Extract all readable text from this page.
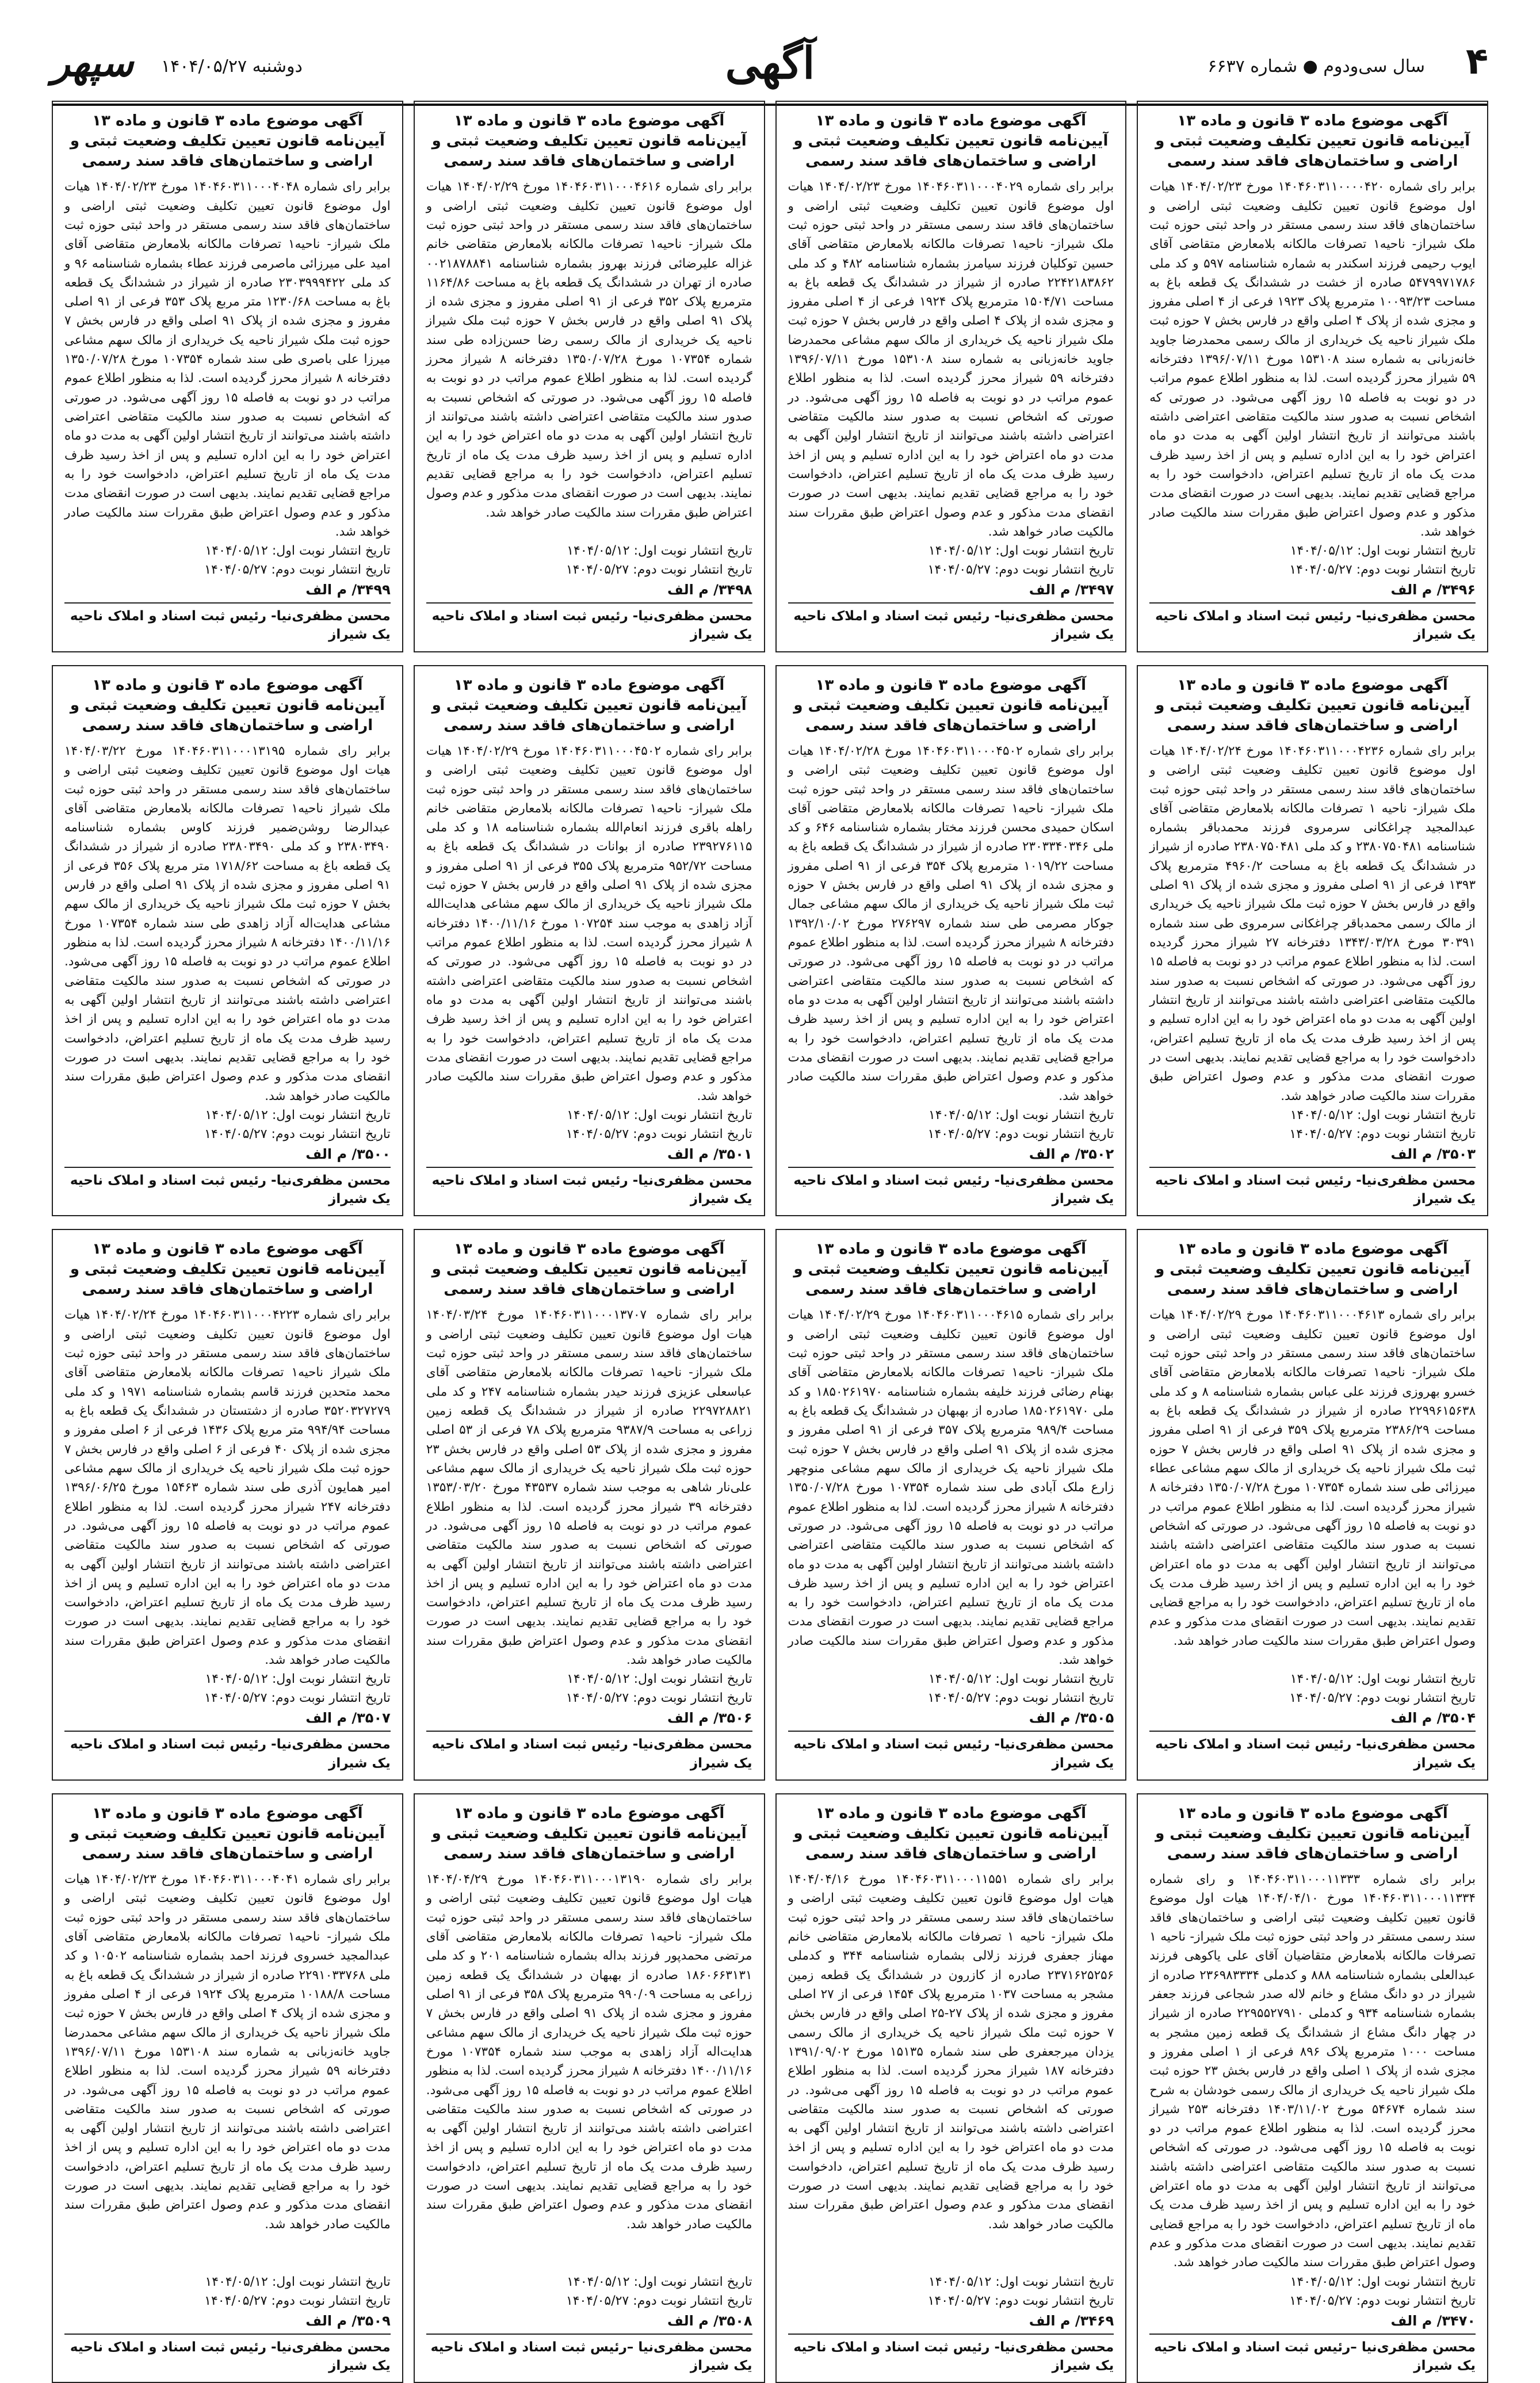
۴
سال سی‌ودوم ● شماره ۶۶۳۷
آگهی
دوشنبه ۱۴۰۴/۰۵/۲۷
سپهر
آگهی موضوع ماده ۳ قانون و ماده ۱۳ آیین‌نامه قانون تعیین تکلیف وضعیت ثبتی و اراضی و ساختمان‌های فاقد سند رسمی
برابر رای شماره ۱۴۰۴۶۰۳۱۱۰۰۰۰۴۲۰ مورخ ۱۴۰۴/۰۲/۲۳ هیات اول موضوع قانون تعیین تکلیف وضعیت ثبتی اراضی و ساختمان‌های فاقد سند رسمی مستقر در واحد ثبتی حوزه ثبت ملک شیراز- ناحیه۱ تصرفات مالکانه بلامعارض متقاضی آقای ایوب رحیمی فرزند اسکندر به شماره شناسنامه ۵۹۷ و کد ملی ۵۴۷۹۹۷۱۷۸۶ صادره از خشت در ششدانگ یک قطعه باغ به مساحت ۱۰۰۹۳/۲۳ مترمربع پلاک ۱۹۲۳ فرعی از ۴ اصلی مفروز و مجزی شده از پلاک ۴ اصلی واقع در فارس بخش ۷ حوزه ثبت ملک شیراز ناحیه یک خریداری از مالک رسمی محمدرضا جاوید خانه‌زبانی به شماره سند ۱۵۳۱۰۸ مورخ ۱۳۹۶/۰۷/۱۱ دفترخانه ۵۹ شیراز محرز گردیده است. لذا به منظور اطلاع عموم مراتب در دو نوبت به فاصله ۱۵ روز آگهی می‌شود. در صورتی که اشخاص نسبت به صدور سند مالکیت متقاضی اعتراضی داشته باشند می‌توانند از تاریخ انتشار اولین آگهی به مدت دو ماه اعتراض خود را به این اداره تسلیم و پس از اخذ رسید ظرف مدت یک ماه از تاریخ تسلیم اعتراض، دادخواست خود را به مراجع قضایی تقدیم نمایند. بدیهی است در صورت انقضای مدت مذکور و عدم وصول اعتراض طبق مقررات سند مالکیت صادر خواهد شد.
تاریخ انتشار نوبت اول: ۱۴۰۴/۰۵/۱۲
تاریخ انتشار نوبت دوم: ۱۴۰۴/۰۵/۲۷
۳۴۹۶/ م الف
محسن مظفری‌نیا- رئیس ثبت اسناد و املاک ناحیه یک شیراز
آگهی موضوع ماده ۳ قانون و ماده ۱۳ آیین‌نامه قانون تعیین تکلیف وضعیت ثبتی و اراضی و ساختمان‌های فاقد سند رسمی
برابر رای شماره ۱۴۰۴۶۰۳۱۱۰۰۰۴۰۲۹ مورخ ۱۴۰۴/۰۲/۲۳ هیات اول موضوع قانون تعیین تکلیف وضعیت ثبتی اراضی و ساختمان‌های فاقد سند رسمی مستقر در واحد ثبتی حوزه ثبت ملک شیراز- ناحیه۱ تصرفات مالکانه بلامعارض متقاضی آقای حسین توکلیان فرزند سیامرز بشماره شناسنامه ۴۸۲ و کد ملی ۲۲۴۲۱۸۳۸۶۲ صادره از شیراز در ششدانگ یک قطعه باغ به مساحت ۱۵۰۴/۷۱ مترمربع پلاک ۱۹۲۴ فرعی از ۴ اصلی مفروز و مجزی شده از پلاک ۴ اصلی واقع در فارس بخش ۷ حوزه ثبت ملک شیراز ناحیه یک خریداری از مالک سهم مشاعی محمدرضا جاوید خانه‌زبانی به شماره سند ۱۵۳۱۰۸ مورخ ۱۳۹۶/۰۷/۱۱ دفترخانه ۵۹ شیراز محرز گردیده است. لذا به منظور اطلاع عموم مراتب در دو نوبت به فاصله ۱۵ روز آگهی می‌شود. در صورتی که اشخاص نسبت به صدور سند مالکیت متقاضی اعتراضی داشته باشند می‌توانند از تاریخ انتشار اولین آگهی به مدت دو ماه اعتراض خود را به این اداره تسلیم و پس از اخذ رسید ظرف مدت یک ماه از تاریخ تسلیم اعتراض، دادخواست خود را به مراجع قضایی تقدیم نمایند. بدیهی است در صورت انقضای مدت مذکور و عدم وصول اعتراض طبق مقررات سند مالکیت صادر خواهد شد.
تاریخ انتشار نوبت اول: ۱۴۰۴/۰۵/۱۲
تاریخ انتشار نوبت دوم: ۱۴۰۴/۰۵/۲۷
۳۴۹۷/ م الف
محسن مظفری‌نیا- رئیس ثبت اسناد و املاک ناحیه یک شیراز
آگهی موضوع ماده ۳ قانون و ماده ۱۳ آیین‌نامه قانون تعیین تکلیف وضعیت ثبتی و اراضی و ساختمان‌های فاقد سند رسمی
برابر رای شماره ۱۴۰۴۶۰۳۱۱۰۰۰۴۶۱۶ مورخ ۱۴۰۴/۰۲/۲۹ هیات اول موضوع قانون تعیین تکلیف وضعیت ثبتی اراضی و ساختمان‌های فاقد سند رسمی مستقر در واحد ثبتی حوزه ثبت ملک شیراز- ناحیه۱ تصرفات مالکانه بلامعارض متقاضی خانم غزاله علیرضائی فرزند بهروز بشماره شناسنامه ۰۰۲۱۸۷۸۸۴۱ صادره از تهران در ششدانگ یک قطعه باغ به مساحت ۱۱۶۴/۸۶ مترمربع پلاک ۳۵۲ فرعی از ۹۱ اصلی مفروز و مجزی شده از پلاک ۹۱ اصلی واقع در فارس بخش ۷ حوزه ثبت ملک شیراز ناحیه یک خریداری از مالک رسمی رضا حسن‌زاده طی سند شماره ۱۰۷۳۵۴ مورخ ۱۳۵۰/۰۷/۲۸ دفترخانه ۸ شیراز محرز گردیده است. لذا به منظور اطلاع عموم مراتب در دو نوبت به فاصله ۱۵ روز آگهی می‌شود. در صورتی که اشخاص نسبت به صدور سند مالکیت متقاضی اعتراضی داشته باشند می‌توانند از تاریخ انتشار اولین آگهی به مدت دو ماه اعتراض خود را به این اداره تسلیم و پس از اخذ رسید ظرف مدت یک ماه از تاریخ تسلیم اعتراض، دادخواست خود را به مراجع قضایی تقدیم نمایند. بدیهی است در صورت انقضای مدت مذکور و عدم وصول اعتراض طبق مقررات سند مالکیت صادر خواهد شد.
تاریخ انتشار نوبت اول: ۱۴۰۴/۰۵/۱۲
تاریخ انتشار نوبت دوم: ۱۴۰۴/۰۵/۲۷
۳۴۹۸/ م الف
محسن مظفری‌نیا- رئیس ثبت اسناد و املاک ناحیه یک شیراز
آگهی موضوع ماده ۳ قانون و ماده ۱۳ آیین‌نامه قانون تعیین تکلیف وضعیت ثبتی و اراضی و ساختمان‌های فاقد سند رسمی
برابر رای شماره ۱۴۰۴۶۰۳۱۱۰۰۰۴۰۴۸ مورخ ۱۴۰۴/۰۲/۲۳ هیات اول موضوع قانون تعیین تکلیف وضعیت ثبتی اراضی و ساختمان‌های فاقد سند رسمی مستقر در واحد ثبتی حوزه ثبت ملک شیراز- ناحیه۱ تصرفات مالکانه بلامعارض متقاضی آقای امید علی میرزائی ماصرمی فرزند عطاء بشماره شناسنامه ۹۶ و کد ملی ۲۳۰۳۹۹۹۴۲۲ صادره از شیراز در ششدانگ یک قطعه باغ به مساحت ۱۲۳۰/۶۸ متر مربع پلاک ۳۵۳ فرعی از ۹۱ اصلی مفروز و مجزی شده از پلاک ۹۱ اصلی واقع در فارس بخش ۷ حوزه ثبت ملک شیراز ناحیه یک خریداری از مالک سهم مشاعی میرزا علی باصری طی سند شماره ۱۰۷۳۵۴ مورخ ۱۳۵۰/۰۷/۲۸ دفترخانه ۸ شیراز محرز گردیده است. لذا به منظور اطلاع عموم مراتب در دو نوبت به فاصله ۱۵ روز آگهی می‌شود. در صورتی که اشخاص نسبت به صدور سند مالکیت متقاضی اعتراضی داشته باشند می‌توانند از تاریخ انتشار اولین آگهی به مدت دو ماه اعتراض خود را به این اداره تسلیم و پس از اخذ رسید ظرف مدت یک ماه از تاریخ تسلیم اعتراض، دادخواست خود را به مراجع قضایی تقدیم نمایند. بدیهی است در صورت انقضای مدت مذکور و عدم وصول اعتراض طبق مقررات سند مالکیت صادر خواهد شد.
تاریخ انتشار نوبت اول: ۱۴۰۴/۰۵/۱۲
تاریخ انتشار نوبت دوم: ۱۴۰۴/۰۵/۲۷
۳۴۹۹/ م الف
محسن مظفری‌نیا- رئیس ثبت اسناد و املاک ناحیه یک شیراز
آگهی موضوع ماده ۳ قانون و ماده ۱۳ آیین‌نامه قانون تعیین تکلیف وضعیت ثبتی و اراضی و ساختمان‌های فاقد سند رسمی
برابر رای شماره ۱۴۰۴۶۰۳۱۱۰۰۰۴۲۳۶ مورخ ۱۴۰۴/۰۲/۲۴ هیات اول موضوع قانون تعیین تکلیف وضعیت ثبتی اراضی و ساختمان‌های فاقد سند رسمی مستقر در واحد ثبتی حوزه ثبت ملک شیراز- ناحیه ۱ تصرفات مالکانه بلامعارض متقاضی آقای عبدالمجید چراغکانی سرمروی فرزند محمدباقر بشماره شناسنامه ۲۳۸۰۷۵۰۴۸۱ و کد ملی ۲۳۸۰۷۵۰۴۸۱ صادره از شیراز در ششدانگ یک قطعه باغ به مساحت ۴۹۶۰/۲ مترمربع پلاک ۱۳۹۳ فرعی از ۹۱ اصلی مفروز و مجزی شده از پلاک ۹۱ اصلی واقع در فارس بخش ۷ حوزه ثبت ملک شیراز ناحیه یک خریداری از مالک رسمی محمدباقر چراغکانی سرمروی طی سند شماره ۳۰۳۹۱ مورخ ۱۳۴۳/۰۳/۲۸ دفترخانه ۲۷ شیراز محرز گردیده است. لذا به منظور اطلاع عموم مراتب در دو نوبت به فاصله ۱۵ روز آگهی می‌شود. در صورتی که اشخاص نسبت به صدور سند مالکیت متقاضی اعتراضی داشته باشند می‌توانند از تاریخ انتشار اولین آگهی به مدت دو ماه اعتراض خود را به این اداره تسلیم و پس از اخذ رسید ظرف مدت یک ماه از تاریخ تسلیم اعتراض، دادخواست خود را به مراجع قضایی تقدیم نمایند. بدیهی است در صورت انقضای مدت مذکور و عدم وصول اعتراض طبق مقررات سند مالکیت صادر خواهد شد.
تاریخ انتشار نوبت اول: ۱۴۰۴/۰۵/۱۲
تاریخ انتشار نوبت دوم: ۱۴۰۴/۰۵/۲۷
۳۵۰۳/ م الف
محسن مظفری‌نیا- رئیس ثبت اسناد و املاک ناحیه یک شیراز
آگهی موضوع ماده ۳ قانون و ماده ۱۳ آیین‌نامه قانون تعیین تکلیف وضعیت ثبتی و اراضی و ساختمان‌های فاقد سند رسمی
برابر رای شماره ۱۴۰۴۶۰۳۱۱۰۰۰۴۵۰۲ مورخ ۱۴۰۴/۰۲/۲۸ هیات اول موضوع قانون تعیین تکلیف وضعیت ثبتی اراضی و ساختمان‌های فاقد سند رسمی مستقر در واحد ثبتی حوزه ثبت ملک شیراز- ناحیه۱ تصرفات مالکانه بلامعارض متقاضی آقای اسکان حمیدی محسن فرزند مختار بشماره شناسنامه ۶۴۶ و کد ملی ۲۳۰۳۳۴۰۳۴۶ صادره از شیراز در ششدانگ یک قطعه باغ به مساحت ۱۰۱۹/۲۲ مترمربع پلاک ۳۵۴ فرعی از ۹۱ اصلی مفروز و مجزی شده از پلاک ۹۱ اصلی واقع در فارس بخش ۷ حوزه ثبت ملک شیراز ناحیه یک خریداری از مالک سهم مشاعی جمال جوکار مصرمی طی سند شماره ۲۷۶۲۹۷ مورخ ۱۳۹۲/۱۰/۰۲ دفترخانه ۸ شیراز محرز گردیده است. لذا به منظور اطلاع عموم مراتب در دو نوبت به فاصله ۱۵ روز آگهی می‌شود. در صورتی که اشخاص نسبت به صدور سند مالکیت متقاضی اعتراضی داشته باشند می‌توانند از تاریخ انتشار اولین آگهی به مدت دو ماه اعتراض خود را به این اداره تسلیم و پس از اخذ رسید ظرف مدت یک ماه از تاریخ تسلیم اعتراض، دادخواست خود را به مراجع قضایی تقدیم نمایند. بدیهی است در صورت انقضای مدت مذکور و عدم وصول اعتراض طبق مقررات سند مالکیت صادر خواهد شد.
تاریخ انتشار نوبت اول: ۱۴۰۴/۰۵/۱۲
تاریخ انتشار نوبت دوم: ۱۴۰۴/۰۵/۲۷
۳۵۰۲/ م الف
محسن مظفری‌نیا- رئیس ثبت اسناد و املاک ناحیه یک شیراز
آگهی موضوع ماده ۳ قانون و ماده ۱۳ آیین‌نامه قانون تعیین تکلیف وضعیت ثبتی و اراضی و ساختمان‌های فاقد سند رسمی
برابر رای شماره ۱۴۰۴۶۰۳۱۱۰۰۰۴۵۰۲ مورخ ۱۴۰۴/۰۲/۲۹ هیات اول موضوع قانون تعیین تکلیف وضعیت ثبتی اراضی و ساختمان‌های فاقد سند رسمی مستقر در واحد ثبتی حوزه ثبت ملک شیراز- ناحیه۱ تصرفات مالکانه بلامعارض متقاضی خانم راهله باقری فرزند انعام‌الله بشماره شناسنامه ۱۸ و کد ملی ۲۳۹۲۷۶۱۱۵ صادره از بوانات در ششدانگ یک قطعه باغ به مساحت ۹۵۲/۷۲ مترمربع پلاک ۳۵۵ فرعی از ۹۱ اصلی مفروز و مجزی شده از پلاک ۹۱ اصلی واقع در فارس بخش ۷ حوزه ثبت ملک شیراز ناحیه یک خریداری از مالک سهم مشاعی هدایت‌الله آزاد زاهدی به موجب سند ۱۰۷۲۵۴ مورخ ۱۴۰۰/۱۱/۱۶ دفترخانه ۸ شیراز محرز گردیده است. لذا به منظور اطلاع عموم مراتب در دو نوبت به فاصله ۱۵ روز آگهی می‌شود. در صورتی که اشخاص نسبت به صدور سند مالکیت متقاضی اعتراضی داشته باشند می‌توانند از تاریخ انتشار اولین آگهی به مدت دو ماه اعتراض خود را به این اداره تسلیم و پس از اخذ رسید ظرف مدت یک ماه از تاریخ تسلیم اعتراض، دادخواست خود را به مراجع قضایی تقدیم نمایند. بدیهی است در صورت انقضای مدت مذکور و عدم وصول اعتراض طبق مقررات سند مالکیت صادر خواهد شد.
تاریخ انتشار نوبت اول: ۱۴۰۴/۰۵/۱۲
تاریخ انتشار نوبت دوم: ۱۴۰۴/۰۵/۲۷
۳۵۰۱/ م الف
محسن مظفری‌نیا- رئیس ثبت اسناد و املاک ناحیه یک شیراز
آگهی موضوع ماده ۳ قانون و ماده ۱۳ آیین‌نامه قانون تعیین تکلیف وضعیت ثبتی و اراضی و ساختمان‌های فاقد سند رسمی
برابر رای شماره ۱۴۰۴۶۰۳۱۱۰۰۰۱۳۱۹۵ مورخ ۱۴۰۴/۰۳/۲۲ هیات اول موضوع قانون تعیین تکلیف وضعیت ثبتی اراضی و ساختمان‌های فاقد سند رسمی مستقر در واحد ثبتی حوزه ثبت ملک شیراز ناحیه۱ تصرفات مالکانه بلامعارض متقاضی آقای عبدالرضا روشن‌ضمیر فرزند کاوس بشماره شناسنامه ۲۳۸۰۳۴۹۰ و کد ملی ۲۳۸۰۳۴۹۰ صادره از شیراز در ششدانگ یک قطعه باغ به مساحت ۱۷۱۸/۶۲ متر مربع پلاک ۳۵۶ فرعی از ۹۱ اصلی مفروز و مجزی شده از پلاک ۹۱ اصلی واقع در فارس بخش ۷ حوزه ثبت ملک شیراز ناحیه یک خریداری از مالک سهم مشاعی هدایت‌اله آزاد زاهدی طی سند شماره ۱۰۷۳۵۴ مورخ ۱۴۰۰/۱۱/۱۶ دفترخانه ۸ شیراز محرز گردیده است. لذا به منظور اطلاع عموم مراتب در دو نوبت به فاصله ۱۵ روز آگهی می‌شود. در صورتی که اشخاص نسبت به صدور سند مالکیت متقاضی اعتراضی داشته باشند می‌توانند از تاریخ انتشار اولین آگهی به مدت دو ماه اعتراض خود را به این اداره تسلیم و پس از اخذ رسید ظرف مدت یک ماه از تاریخ تسلیم اعتراض، دادخواست خود را به مراجع قضایی تقدیم نمایند. بدیهی است در صورت انقضای مدت مذکور و عدم وصول اعتراض طبق مقررات سند مالکیت صادر خواهد شد.
تاریخ انتشار نوبت اول: ۱۴۰۴/۰۵/۱۲
تاریخ انتشار نوبت دوم: ۱۴۰۴/۰۵/۲۷
۳۵۰۰/ م الف
محسن مظفری‌نیا- رئیس ثبت اسناد و املاک ناحیه یک شیراز
آگهی موضوع ماده ۳ قانون و ماده ۱۳ آیین‌نامه قانون تعیین تکلیف وضعیت ثبتی و اراضی و ساختمان‌های فاقد سند رسمی
برابر رای شماره ۱۴۰۴۶۰۳۱۱۰۰۰۴۶۱۳ مورخ ۱۴۰۴/۰۲/۲۹ هیات اول موضوع قانون تعیین تکلیف وضعیت ثبتی اراضی و ساختمان‌های فاقد سند رسمی مستقر در واحد ثبتی حوزه ثبت ملک شیراز- ناحیه۱ تصرفات مالکانه بلامعارض متقاضی آقای خسرو بهروزی فرزند علی عباس بشماره شناسنامه ۸ و کد ملی ۲۲۹۹۶۱۵۶۳۸ صادره از شیراز در ششدانگ یک قطعه باغ به مساحت ۲۳۸۶/۲۹ مترمربع پلاک ۳۵۹ فرعی از ۹۱ اصلی مفروز و مجزی شده از پلاک ۹۱ اصلی واقع در فارس بخش ۷ حوزه ثبت ملک شیراز ناحیه یک خریداری از مالک سهم مشاعی عطاء میرزائی طی سند شماره ۱۰۷۳۵۴ مورخ ۱۳۵۰/۰۷/۲۸ دفترخانه ۸ شیراز محرز گردیده است. لذا به منظور اطلاع عموم مراتب در دو نوبت به فاصله ۱۵ روز آگهی می‌شود. در صورتی که اشخاص نسبت به صدور سند مالکیت متقاضی اعتراضی داشته باشند می‌توانند از تاریخ انتشار اولین آگهی به مدت دو ماه اعتراض خود را به این اداره تسلیم و پس از اخذ رسید ظرف مدت یک ماه از تاریخ تسلیم اعتراض، دادخواست خود را به مراجع قضایی تقدیم نمایند. بدیهی است در صورت انقضای مدت مذکور و عدم وصول اعتراض طبق مقررات سند مالکیت صادر خواهد شد.
تاریخ انتشار نوبت اول: ۱۴۰۴/۰۵/۱۲
تاریخ انتشار نوبت دوم: ۱۴۰۴/۰۵/۲۷
۳۵۰۴/ م الف
محسن مظفری‌نیا- رئیس ثبت اسناد و املاک ناحیه یک شیراز
آگهی موضوع ماده ۳ قانون و ماده ۱۳ آیین‌نامه قانون تعیین تکلیف وضعیت ثبتی و اراضی و ساختمان‌های فاقد سند رسمی
برابر رای شماره ۱۴۰۴۶۰۳۱۱۰۰۰۴۶۱۵ مورخ ۱۴۰۴/۰۲/۲۹ هیات اول موضوع قانون تعیین تکلیف وضعیت ثبتی اراضی و ساختمان‌های فاقد سند رسمی مستقر در واحد ثبتی حوزه ثبت ملک شیراز- ناحیه۱ تصرفات مالکانه بلامعارض متقاضی آقای بهنام رضائی فرزند خلیفه بشماره شناسنامه ۱۸۵۰۲۶۱۹۷۰ و کد ملی ۱۸۵۰۲۶۱۹۷۰ صادره از بهبهان در ششدانگ یک قطعه باغ به مساحت ۹۸۹/۴ مترمربع پلاک ۳۵۷ فرعی از ۹۱ اصلی مفروز و مجزی شده از پلاک ۹۱ اصلی واقع در فارس بخش ۷ حوزه ثبت ملک شیراز ناحیه یک خریداری از مالک سهم مشاعی منوچهر زارع ملک آبادی طی سند شماره ۱۰۷۳۵۴ مورخ ۱۳۵۰/۰۷/۲۸ دفترخانه ۸ شیراز محرز گردیده است. لذا به منظور اطلاع عموم مراتب در دو نوبت به فاصله ۱۵ روز آگهی می‌شود. در صورتی که اشخاص نسبت به صدور سند مالکیت متقاضی اعتراضی داشته باشند می‌توانند از تاریخ انتشار اولین آگهی به مدت دو ماه اعتراض خود را به این اداره تسلیم و پس از اخذ رسید ظرف مدت یک ماه از تاریخ تسلیم اعتراض، دادخواست خود را به مراجع قضایی تقدیم نمایند. بدیهی است در صورت انقضای مدت مذکور و عدم وصول اعتراض طبق مقررات سند مالکیت صادر خواهد شد.
تاریخ انتشار نوبت اول: ۱۴۰۴/۰۵/۱۲
تاریخ انتشار نوبت دوم: ۱۴۰۴/۰۵/۲۷
۳۵۰۵/ م الف
محسن مظفری‌نیا- رئیس ثبت اسناد و املاک ناحیه یک شیراز
آگهی موضوع ماده ۳ قانون و ماده ۱۳ آیین‌نامه قانون تعیین تکلیف وضعیت ثبتی و اراضی و ساختمان‌های فاقد سند رسمی
برابر رای شماره ۱۴۰۴۶۰۳۱۱۰۰۰۱۳۷۰۷ مورخ ۱۴۰۴/۰۳/۲۴ هیات اول موضوع قانون تعیین تکلیف وضعیت ثبتی اراضی و ساختمان‌های فاقد سند رسمی مستقر در واحد ثبتی حوزه ثبت ملک شیراز- ناحیه۱ تصرفات مالکانه بلامعارض متقاضی آقای عباسعلی عزیزی فرزند حیدر بشماره شناسنامه ۲۴۷ و کد ملی ۲۲۹۷۲۸۸۲۱ صادره از شیراز در ششدانگ یک قطعه زمین زراعی به مساحت ۹۳۸۷/۹ مترمربع پلاک ۷۸ فرعی از ۵۳ اصلی مفروز و مجزی شده از پلاک ۵۳ اصلی واقع در فارس بخش ۲۳ حوزه ثبت ملک شیراز ناحیه یک خریداری از مالک سهم مشاعی علی‌نار شاهی به موجب سند شماره ۴۳۵۳۷ مورخ ۱۳۵۳/۰۳/۲۰ دفترخانه ۳۹ شیراز محرز گردیده است. لذا به منظور اطلاع عموم مراتب در دو نوبت به فاصله ۱۵ روز آگهی می‌شود. در صورتی که اشخاص نسبت به صدور سند مالکیت متقاضی اعتراضی داشته باشند می‌توانند از تاریخ انتشار اولین آگهی به مدت دو ماه اعتراض خود را به این اداره تسلیم و پس از اخذ رسید ظرف مدت یک ماه از تاریخ تسلیم اعتراض، دادخواست خود را به مراجع قضایی تقدیم نمایند. بدیهی است در صورت انقضای مدت مذکور و عدم وصول اعتراض طبق مقررات سند مالکیت صادر خواهد شد.
تاریخ انتشار نوبت اول: ۱۴۰۴/۰۵/۱۲
تاریخ انتشار نوبت دوم: ۱۴۰۴/۰۵/۲۷
۳۵۰۶/ م الف
محسن مظفری‌نیا- رئیس ثبت اسناد و املاک ناحیه یک شیراز
آگهی موضوع ماده ۳ قانون و ماده ۱۳ آیین‌نامه قانون تعیین تکلیف وضعیت ثبتی و اراضی و ساختمان‌های فاقد سند رسمی
برابر رای شماره ۱۴۰۴۶۰۳۱۱۰۰۰۴۲۲۳ مورخ ۱۴۰۴/۰۲/۲۴ هیات اول موضوع قانون تعیین تکلیف وضعیت ثبتی اراضی و ساختمان‌های فاقد سند رسمی مستقر در واحد ثبتی حوزه ثبت ملک شیراز ناحیه۱ تصرفات مالکانه بلامعارض متقاضی آقای محمد متحدین فرزند قاسم بشماره شناسنامه ۱۹۷۱ و کد ملی ۳۵۲۰۳۲۷۲۷۹ صادره از دشتستان در ششدانگ یک قطعه باغ به مساحت ۹۹۴/۹۴ متر مربع پلاک ۱۴۳۶ فرعی از ۶ اصلی مفروز و مجزی شده از پلاک ۴۰ فرعی از ۶ اصلی واقع در فارس بخش ۷ حوزه ثبت ملک شیراز ناحیه یک خریداری از مالک سهم مشاعی امیر همایون آذری طی سند شماره ۱۵۴۶۳ مورخ ۱۳۹۶/۰۶/۲۵ دفترخانه ۲۴۷ شیراز محرز گردیده است. لذا به منظور اطلاع عموم مراتب در دو نوبت به فاصله ۱۵ روز آگهی می‌شود. در صورتی که اشخاص نسبت به صدور سند مالکیت متقاضی اعتراضی داشته باشند می‌توانند از تاریخ انتشار اولین آگهی به مدت دو ماه اعتراض خود را به این اداره تسلیم و پس از اخذ رسید ظرف مدت یک ماه از تاریخ تسلیم اعتراض، دادخواست خود را به مراجع قضایی تقدیم نمایند. بدیهی است در صورت انقضای مدت مذکور و عدم وصول اعتراض طبق مقررات سند مالکیت صادر خواهد شد.
تاریخ انتشار نوبت اول: ۱۴۰۴/۰۵/۱۲
تاریخ انتشار نوبت دوم: ۱۴۰۴/۰۵/۲۷
۳۵۰۷/ م الف
محسن مظفری‌نیا- رئیس ثبت اسناد و املاک ناحیه یک شیراز
آگهی موضوع ماده ۳ قانون و ماده ۱۳ آیین‌نامه قانون تعیین تکلیف وضعیت ثبتی و اراضی و ساختمان‌های فاقد سند رسمی
برابر رای شماره ۱۴۰۴۶۰۳۱۱۰۰۰۱۱۳۳۳ و رای شماره ۱۴۰۴۶۰۳۱۱۰۰۰۱۱۳۳۴ مورخ ۱۴۰۴/۰۴/۱۰ هیات اول موضوع قانون تعیین تکلیف وضعیت ثبتی اراضی و ساختمان‌های فاقد سند رسمی مستقر در واحد ثبتی حوزه ثبت ملک شیراز- ناحیه ۱ تصرفات مالکانه بلامعارض متقاضیان آقای علی یاکوهی فرزند عبدالعلی بشماره شناسنامه ۸۸۸ و کدملی ۲۳۶۹۸۳۳۳۴ صادره از شیراز در دو دانگ مشاع و خانم لاله صدر شجاعی فرزند جعفر بشماره شناسنامه ۹۳۴ و کدملی ۲۲۹۵۵۲۷۹۱۰ صادره از شیراز در چهار دانگ مشاع از ششدانگ یک قطعه زمین مشجر به مساحت ۱۰۰۰ مترمربع پلاک ۸۹۶ فرعی از ۱ اصلی مفروز و مجزی شده از پلاک ۱ اصلی واقع در فارس بخش ۲۳ حوزه ثبت ملک شیراز ناحیه یک خریداری از مالک رسمی خودشان به شرح سند شماره ۵۴۶۷۴ مورخ ۱۴۰۳/۱۱/۰۲ دفترخانه ۲۵۳ شیراز محرز گردیده است. لذا به منظور اطلاع عموم مراتب در دو نوبت به فاصله ۱۵ روز آگهی می‌شود. در صورتی که اشخاص نسبت به صدور سند مالکیت متقاضی اعتراضی داشته باشند می‌توانند از تاریخ انتشار اولین آگهی به مدت دو ماه اعتراض خود را به این اداره تسلیم و پس از اخذ رسید ظرف مدت یک ماه از تاریخ تسلیم اعتراض، دادخواست خود را به مراجع قضایی تقدیم نمایند. بدیهی است در صورت انقضای مدت مذکور و عدم وصول اعتراض طبق مقررات سند مالکیت صادر خواهد شد.
تاریخ انتشار نوبت اول: ۱۴۰۴/۰۵/۱۲
تاریخ انتشار نوبت دوم: ۱۴۰۴/۰۵/۲۷
۳۴۷۰/ م الف
محسن مظفری‌نیا –رئیس ثبت اسناد و املاک ناحیه یک شیراز
آگهی موضوع ماده ۳ قانون و ماده ۱۳ آیین‌نامه قانون تعیین تکلیف وضعیت ثبتی و اراضی و ساختمان‌های فاقد سند رسمی
برابر رای شماره ۱۴۰۴۶۰۳۱۱۰۰۰۱۱۵۵۱ مورخ ۱۴۰۴/۰۴/۱۶ هیات اول موضوع قانون تعیین تکلیف وضعیت ثبتی اراضی و ساختمان‌های فاقد سند رسمی مستقر در واحد ثبتی حوزه ثبت ملک شیراز- ناحیه ۱ تصرفات مالکانه بلامعارض متقاضی خانم مهناز جعفری فرزند زلالی بشماره شناسنامه ۳۴۴ و کدملی ۲۳۷۱۶۲۵۲۵۶ صادره از کازرون در ششدانگ یک قطعه زمین مشجر به مساحت ۱۰۳۷ مترمربع پلاک ۱۴۵۴ فرعی از ۲۷ اصلی مفروز و مجزی شده از پلاک ۲۷-۲۵ اصلی واقع در فارس بخش ۷ حوزه ثبت ملک شیراز ناحیه یک خریداری از مالک رسمی یزدان میرجعفری طی سند شماره ۱۵۱۳۵ مورخ ۱۳۹۱/۰۹/۰۲ دفترخانه ۱۸۷ شیراز محرز گردیده است. لذا به منظور اطلاع عموم مراتب در دو نوبت به فاصله ۱۵ روز آگهی می‌شود. در صورتی که اشخاص نسبت به صدور سند مالکیت متقاضی اعتراضی داشته باشند می‌توانند از تاریخ انتشار اولین آگهی به مدت دو ماه اعتراض خود را به این اداره تسلیم و پس از اخذ رسید ظرف مدت یک ماه از تاریخ تسلیم اعتراض، دادخواست خود را به مراجع قضایی تقدیم نمایند. بدیهی است در صورت انقضای مدت مذکور و عدم وصول اعتراض طبق مقررات سند مالکیت صادر خواهد شد.
تاریخ انتشار نوبت اول: ۱۴۰۴/۰۵/۱۲
تاریخ انتشار نوبت دوم: ۱۴۰۴/۰۵/۲۷
۳۴۶۹/ م الف
محسن مظفری‌نیا- رئیس ثبت اسناد و املاک ناحیه یک شیراز
آگهی موضوع ماده ۳ قانون و ماده ۱۳ آیین‌نامه قانون تعیین تکلیف وضعیت ثبتی و اراضی و ساختمان‌های فاقد سند رسمی
برابر رای شماره ۱۴۰۴۶۰۳۱۱۰۰۰۱۳۱۹۰ مورخ ۱۴۰۴/۰۴/۲۹ هیات اول موضوع قانون تعیین تکلیف وضعیت ثبتی اراضی و ساختمان‌های فاقد سند رسمی مستقر در واحد ثبتی حوزه ثبت ملک شیراز- ناحیه۱ تصرفات مالکانه بلامعارض متقاضی آقای مرتضی محمدپور فرزند بداله بشماره شناسنامه ۲۰۱ و کد ملی ۱۸۶۰۶۶۳۱۳۱ صادره از بهبهان در ششدانگ یک قطعه زمین زراعی به مساحت ۹۹۰/۰۹ مترمربع پلاک ۳۵۸ فرعی از ۹۱ اصلی مفروز و مجزی شده از پلاک ۹۱ اصلی واقع در فارس بخش ۷ حوزه ثبت ملک شیراز ناحیه یک خریداری از مالک سهم مشاعی هدایت‌اله آزاد زاهدی به موجب سند شماره ۱۰۷۳۵۴ مورخ ۱۴۰۰/۱۱/۱۶ دفترخانه ۸ شیراز محرز گردیده است. لذا به منظور اطلاع عموم مراتب در دو نوبت به فاصله ۱۵ روز آگهی می‌شود. در صورتی که اشخاص نسبت به صدور سند مالکیت متقاضی اعتراضی داشته باشند می‌توانند از تاریخ انتشار اولین آگهی به مدت دو ماه اعتراض خود را به این اداره تسلیم و پس از اخذ رسید ظرف مدت یک ماه از تاریخ تسلیم اعتراض، دادخواست خود را به مراجع قضایی تقدیم نمایند. بدیهی است در صورت انقضای مدت مذکور و عدم وصول اعتراض طبق مقررات سند مالکیت صادر خواهد شد.
تاریخ انتشار نوبت اول: ۱۴۰۴/۰۵/۱۲
تاریخ انتشار نوبت دوم: ۱۴۰۴/۰۵/۲۷
۳۵۰۸/ م الف
محسن مظفری‌نیا –رئیس ثبت اسناد و املاک ناحیه یک شیراز
آگهی موضوع ماده ۳ قانون و ماده ۱۳ آیین‌نامه قانون تعیین تکلیف وضعیت ثبتی و اراضی و ساختمان‌های فاقد سند رسمی
برابر رای شماره ۱۴۰۴۶۰۳۱۱۰۰۰۴۰۴۱ مورخ ۱۴۰۴/۰۲/۲۳ هیات اول موضوع قانون تعیین تکلیف وضعیت ثبتی اراضی و ساختمان‌های فاقد سند رسمی مستقر در واحد ثبتی حوزه ثبت ملک شیراز- ناحیه۱ تصرفات مالکانه بلامعارض متقاضی آقای عبدالمجید خسروی فرزند احمد بشماره شناسنامه ۱۰۵۰۲ و کد ملی ۲۲۹۱۰۳۳۷۶۸ صادره از شیراز در ششدانگ یک قطعه باغ به مساحت ۱۰۱۸۸/۸ مترمربع پلاک ۱۹۲۴ فرعی از ۴ اصلی مفروز و مجزی شده از پلاک ۴ اصلی واقع در فارس بخش ۷ حوزه ثبت ملک شیراز ناحیه یک خریداری از مالک سهم مشاعی محمدرضا جاوید خانه‌زبانی به شماره سند ۱۵۳۱۰۸ مورخ ۱۳۹۶/۰۷/۱۱ دفترخانه ۵۹ شیراز محرز گردیده است. لذا به منظور اطلاع عموم مراتب در دو نوبت به فاصله ۱۵ روز آگهی می‌شود. در صورتی که اشخاص نسبت به صدور سند مالکیت متقاضی اعتراضی داشته باشند می‌توانند از تاریخ انتشار اولین آگهی به مدت دو ماه اعتراض خود را به این اداره تسلیم و پس از اخذ رسید ظرف مدت یک ماه از تاریخ تسلیم اعتراض، دادخواست خود را به مراجع قضایی تقدیم نمایند. بدیهی است در صورت انقضای مدت مذکور و عدم وصول اعتراض طبق مقررات سند مالکیت صادر خواهد شد.
تاریخ انتشار نوبت اول: ۱۴۰۴/۰۵/۱۲
تاریخ انتشار نوبت دوم: ۱۴۰۴/۰۵/۲۷
۳۵۰۹/ م الف
محسن مظفری‌نیا- رئیس ثبت اسناد و املاک ناحیه یک شیراز
